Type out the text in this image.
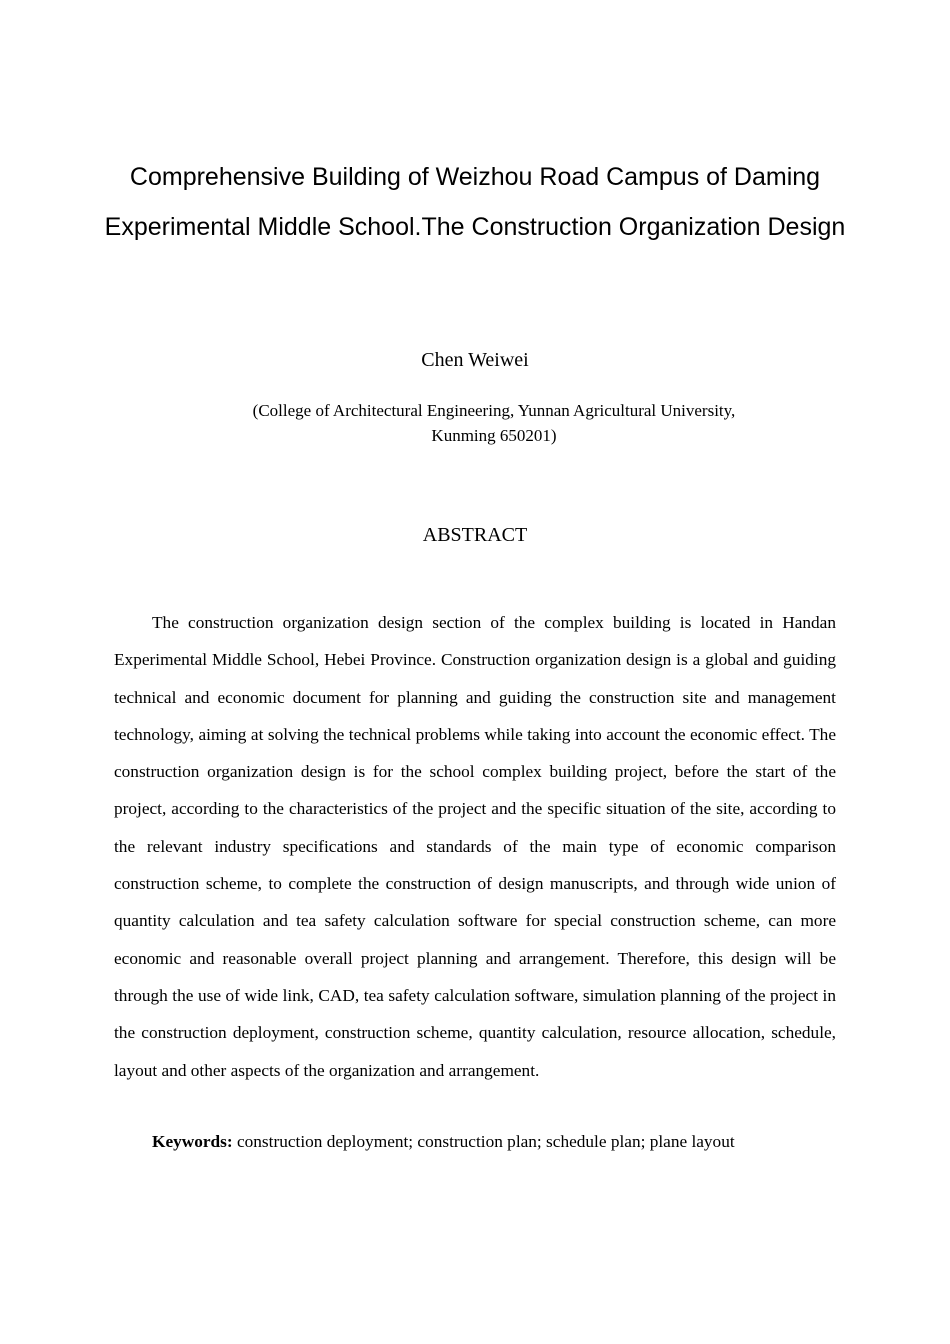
Comprehensive Building of Weizhou Road Campus of Daming Experimental Middle School.The Construction Organization Design
Chen Weiwei
(College of Architectural Engineering, Yunnan Agricultural University,
Kunming 650201)
ABSTRACT

The construction organization design section of the complex building is located in Handan Experimental Middle School, Hebei Province. Construction organization design is a global and guiding technical and economic document for planning and guiding the construction site and management technology, aiming at solving the technical problems while taking into account the economic effect. The construction organization design is for the school complex building project, before the start of the project, according to the characteristics of the project and the specific situation of the site, according to the relevant industry specifications and standards of the main type of economic comparison construction scheme, to complete the construction of design manuscripts, and through wide union of quantity calculation and tea safety calculation software for special construction scheme, can more economic and reasonable overall project planning and arrangement. Therefore, this design will be through the use of wide link, CAD, tea safety calculation software, simulation planning of the project in the construction deployment, construction scheme, quantity calculation, resource allocation, schedule, layout and other aspects of the organization and arrangement.

Keywords: construction deployment; construction plan; schedule plan; plane layout
